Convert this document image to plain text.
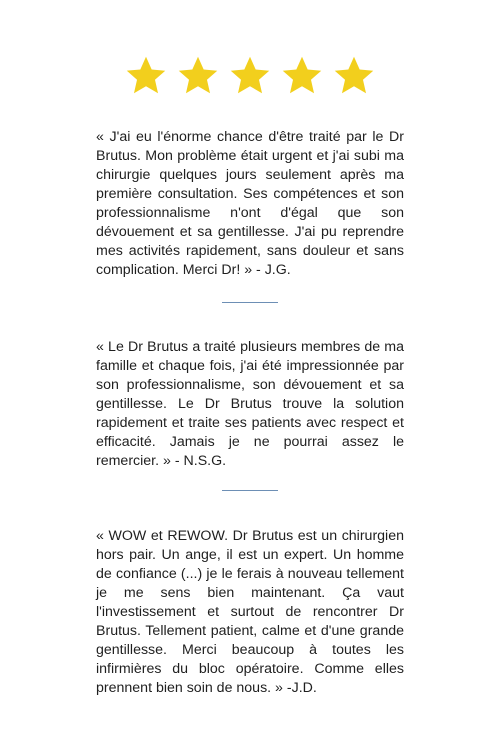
« J'ai eu l'énorme chance d'être traité par le Dr Brutus. Mon problème était urgent et j'ai subi ma chirurgie quelques jours seulement après ma première consultation. Ses compétences et son professionnalisme n'ont d'égal que son dévouement et sa gentillesse. J'ai pu reprendre mes activités rapidement, sans douleur et sans complication. Merci Dr! » - J.G.

« Le Dr Brutus a traité plusieurs membres de ma famille et chaque fois, j'ai été impressionnée par son professionnalisme, son dévouement et sa gentillesse. Le Dr Brutus trouve la solution rapidement et traite ses patients avec respect et efficacité. Jamais je ne pourrai assez le remercier. » - N.S.G.

« WOW et REWOW. Dr Brutus est un chirurgien hors pair. Un ange, il est un expert. Un homme de confiance (...) je le ferais à nouveau tellement je me sens bien maintenant. Ça vaut l'investissement et surtout de rencontrer Dr Brutus. Tellement patient, calme et d'une grande gentillesse. Merci beaucoup à toutes les infirmières du bloc opératoire. Comme elles prennent bien soin de nous. » -J.D.
